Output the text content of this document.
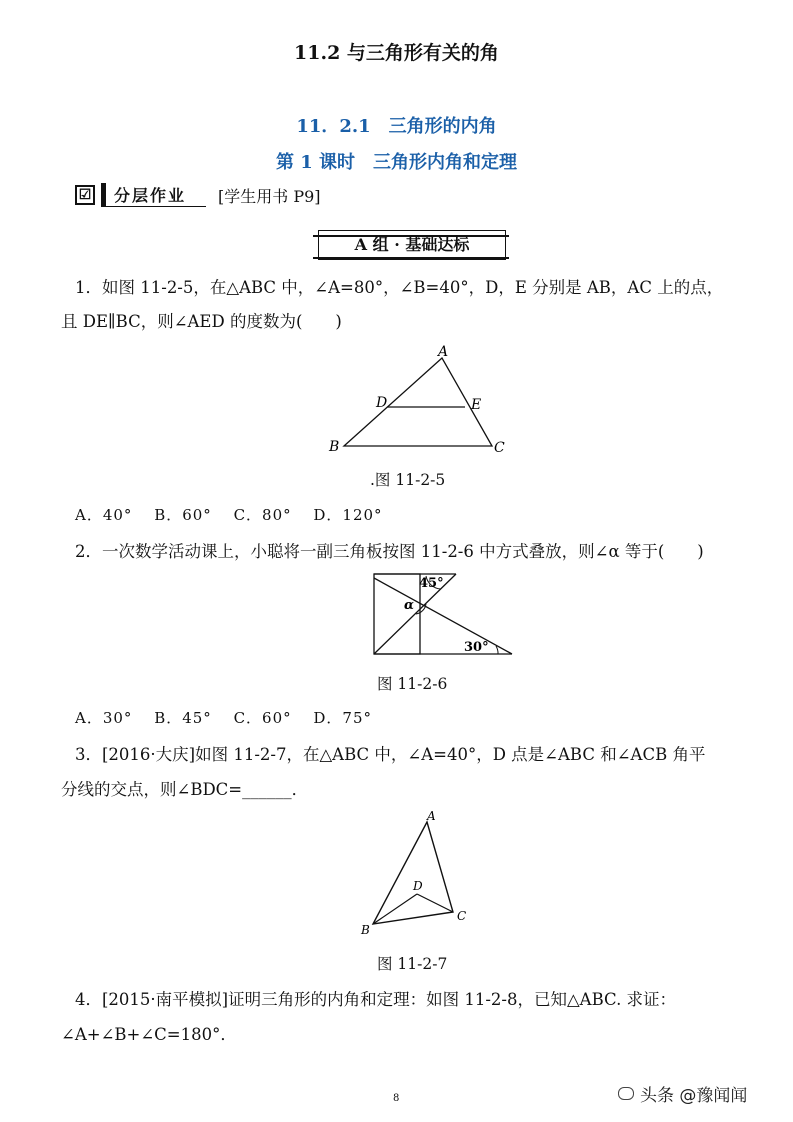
11.2 与三角形有关的角
11．2.1　三角形的内角
第 1 课时　三角形内角和定理
☑	分层作业	[学生用书 P9]
A 组 · 基础达标
1．如图 11-2-5，在△ABC 中，∠A=80°，∠B=40°，D，E 分别是 AB，AC 上的点，
且 DE∥BC，则∠AED 的度数为(　　)
A
D	E
B	C
.图 11-2-5
A．40°　 B．60°　 C．80°　 D．120°
2．一次数学活动课上，小聪将一副三角板按图 11-2-6 中方式叠放，则∠α 等于(　　)
45°
α
30°
图 11-2-6
A．30°　 B．45°　 C．60°　 D．75°
3．[2016·大庆]如图 11-2-7，在△ABC 中，∠A=40°，D 点是∠ABC 和∠ACB 角平
分线的交点，则∠BDC=______．
A
D
B
C
图 11-2-7
4．[2015·南平模拟]证明三角形的内角和定理：如图 11-2-8，已知△ABC. 求证：
∠A+∠B+∠C=180°．
8	头条 @豫闻闻
